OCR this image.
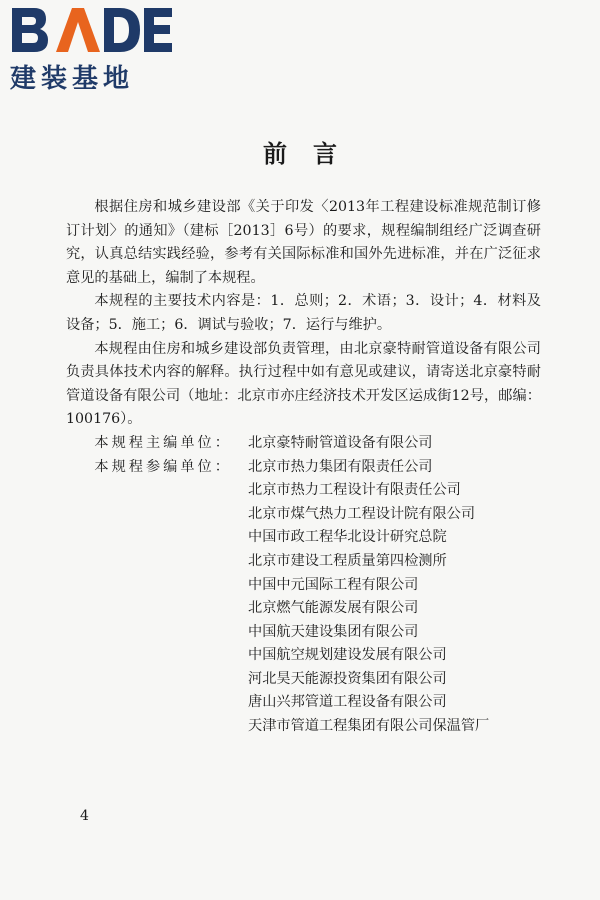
建装基地
前言

根据住房和城乡建设部《关于印发〈2013年工程建设标准规范制订修订计划〉的通知》（建标［2013］6号）的要求，规程编制组经广泛调查研究，认真总结实践经验，参考有关国际标准和国外先进标准，并在广泛征求意见的基础上，编制了本规程。

本规程的主要技术内容是：1．总则；2．术语；3．设计；4．材料及设备；5．施工；6．调试与验收；7．运行与维护。

本规程由住房和城乡建设部负责管理，由北京豪特耐管道设备有限公司负责具体技术内容的解释。执行过程中如有意见或建议，请寄送北京豪特耐管道设备有限公司（地址：北京市亦庄经济技术开发区运成街12号，邮编：100176）。

本规程主编单位：	北京豪特耐管道设备有限公司
本规程参编单位：	北京市热力集团有限责任公司
北京市热力工程设计有限责任公司
北京市煤气热力工程设计院有限公司
中国市政工程华北设计研究总院
北京市建设工程质量第四检测所
中国中元国际工程有限公司
北京燃气能源发展有限公司
中国航天建设集团有限公司
中国航空规划建设发展有限公司
河北昊天能源投资集团有限公司
唐山兴邦管道工程设备有限公司
天津市管道工程集团有限公司保温管厂
4
